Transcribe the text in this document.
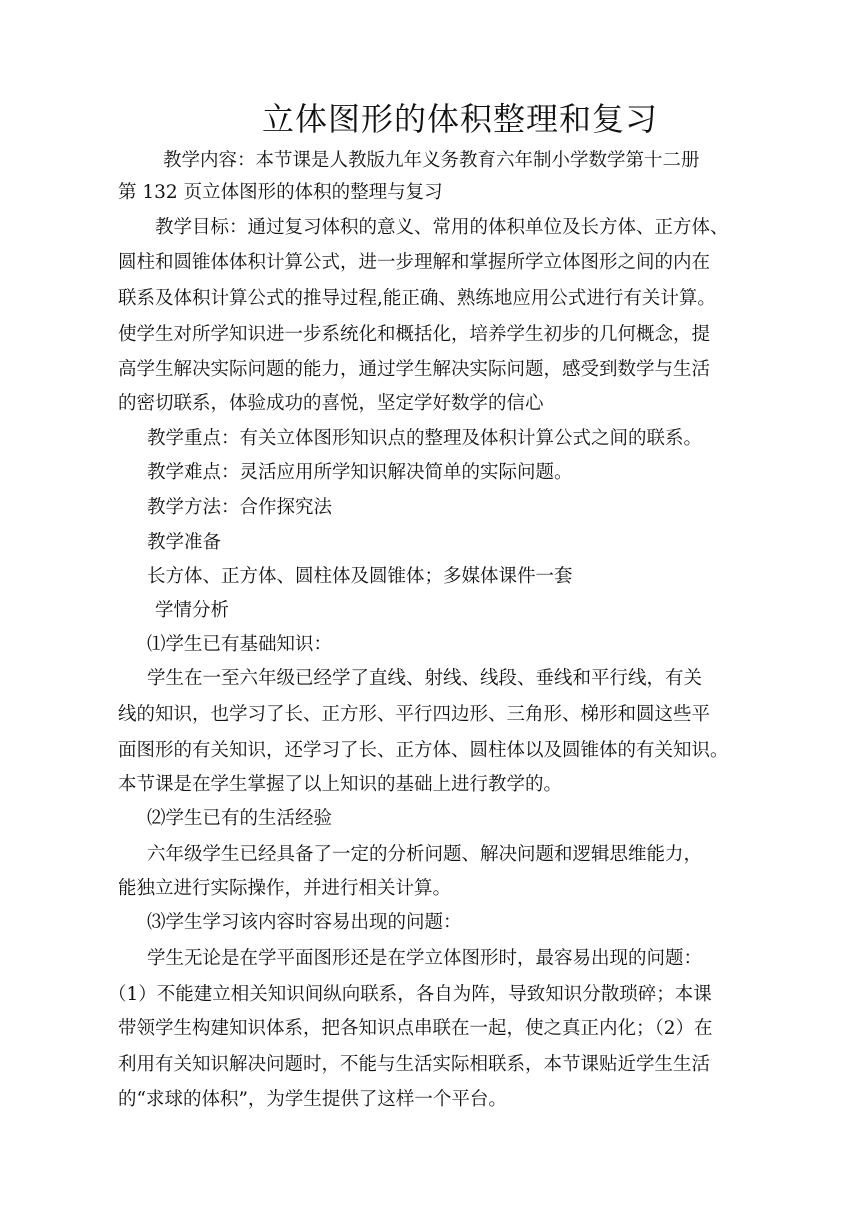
立体图形的体积整理和复习
教学内容：本节课是人教版九年义务教育六年制小学数学第十二册
第 132 页立体图形的体积的整理与复习
教学目标：通过复习体积的意义、常用的体积单位及长方体、正方体、
圆柱和圆锥体体积计算公式，进一步理解和掌握所学立体图形之间的内在
联系及体积计算公式的推导过程,能正确、熟练地应用公式进行有关计算。
使学生对所学知识进一步系统化和概括化，培养学生初步的几何概念，提
高学生解决实际问题的能力，通过学生解决实际问题，感受到数学与生活
的密切联系，体验成功的喜悦，坚定学好数学的信心
教学重点：有关立体图形知识点的整理及体积计算公式之间的联系。
教学难点：灵活应用所学知识解决简单的实际问题。
教学方法：合作探究法
教学准备
长方体、正方体、圆柱体及圆锥体；多媒体课件一套
学情分析
⑴学生已有基础知识：
学生在一至六年级已经学了直线、射线、线段、垂线和平行线，有关
线的知识，也学习了长、正方形、平行四边形、三角形、梯形和圆这些平
面图形的有关知识，还学习了长、正方体、圆柱体以及圆锥体的有关知识。
本节课是在学生掌握了以上知识的基础上进行教学的。
⑵学生已有的生活经验
六年级学生已经具备了一定的分析问题、解决问题和逻辑思维能力，
能独立进行实际操作，并进行相关计算。
⑶学生学习该内容时容易出现的问题：
学生无论是在学平面图形还是在学立体图形时，最容易出现的问题：
（1）不能建立相关知识间纵向联系，各自为阵，导致知识分散琐碎；本课
带领学生构建知识体系，把各知识点串联在一起，使之真正内化；（2）在
利用有关知识解决问题时，不能与生活实际相联系，本节课贴近学生生活
的“求球的体积”，为学生提供了这样一个平台。
